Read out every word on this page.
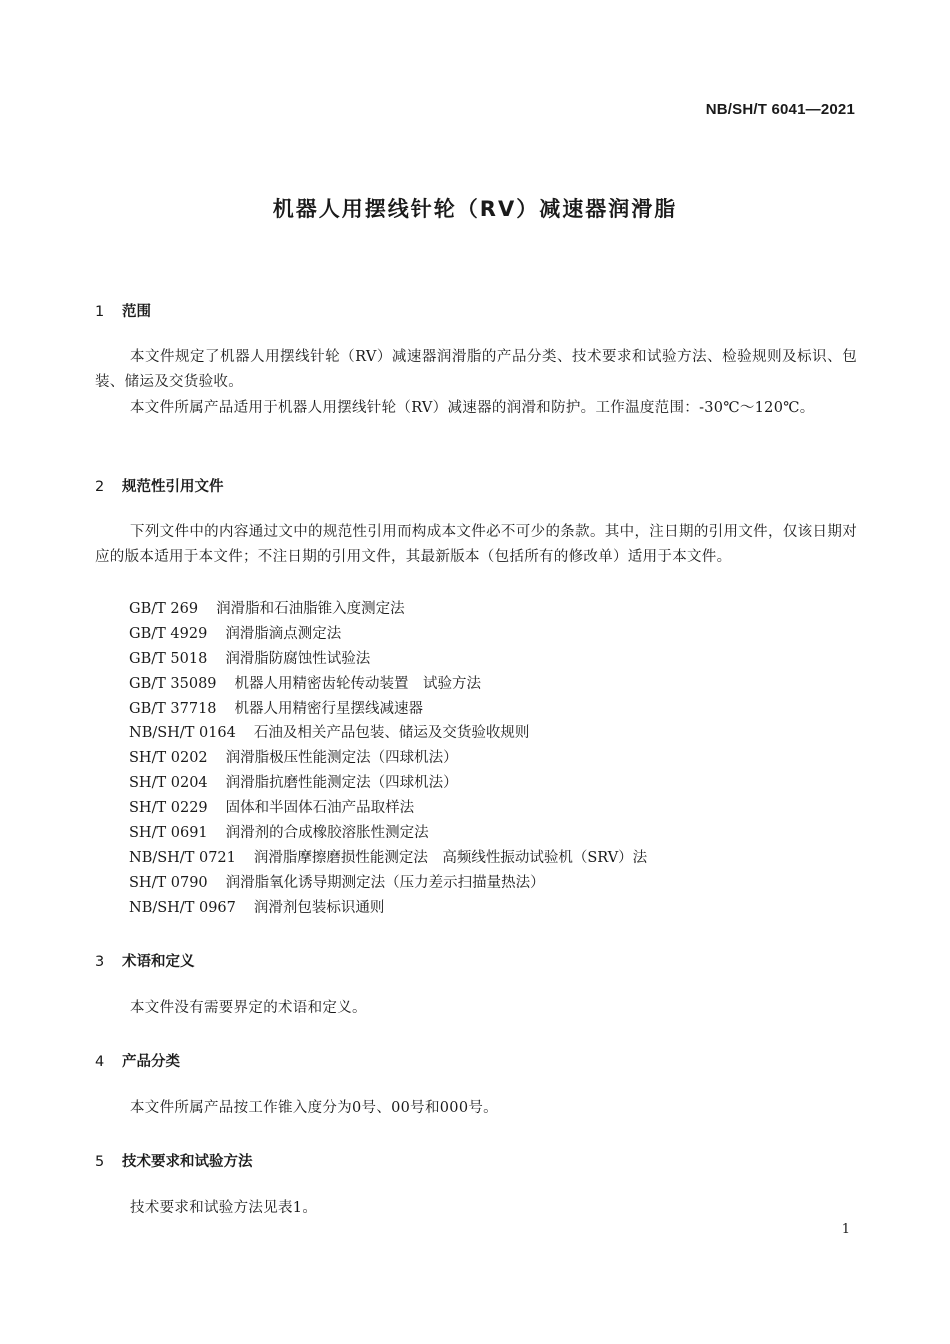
NB/SH/T 6041—2021
机器人用摆线针轮（RV）减速器润滑脂
1 范围
本文件规定了机器人用摆线针轮（RV）减速器润滑脂的产品分类、技术要求和试验方法、检验规则及标识、包装、储运及交货验收。
本文件所属产品适用于机器人用摆线针轮（RV）减速器的润滑和防护。工作温度范围：-30℃～120℃。
2 规范性引用文件
下列文件中的内容通过文中的规范性引用而构成本文件必不可少的条款。其中，注日期的引用文件，仅该日期对应的版本适用于本文件；不注日期的引用文件，其最新版本（包括所有的修改单）适用于本文件。
GB/T 269 润滑脂和石油脂锥入度测定法
GB/T 4929 润滑脂滴点测定法
GB/T 5018 润滑脂防腐蚀性试验法
GB/T 35089 机器人用精密齿轮传动装置　试验方法
GB/T 37718 机器人用精密行星摆线减速器
NB/SH/T 0164 石油及相关产品包装、储运及交货验收规则
SH/T 0202 润滑脂极压性能测定法（四球机法）
SH/T 0204 润滑脂抗磨性能测定法（四球机法）
SH/T 0229 固体和半固体石油产品取样法
SH/T 0691 润滑剂的合成橡胶溶胀性测定法
NB/SH/T 0721 润滑脂摩擦磨损性能测定法　高频线性振动试验机（SRV）法
SH/T 0790 润滑脂氧化诱导期测定法（压力差示扫描量热法）
NB/SH/T 0967 润滑剂包装标识通则
3 术语和定义
本文件没有需要界定的术语和定义。
4 产品分类
本文件所属产品按工作锥入度分为0号、00号和000号。
5 技术要求和试验方法
技术要求和试验方法见表1。
1
